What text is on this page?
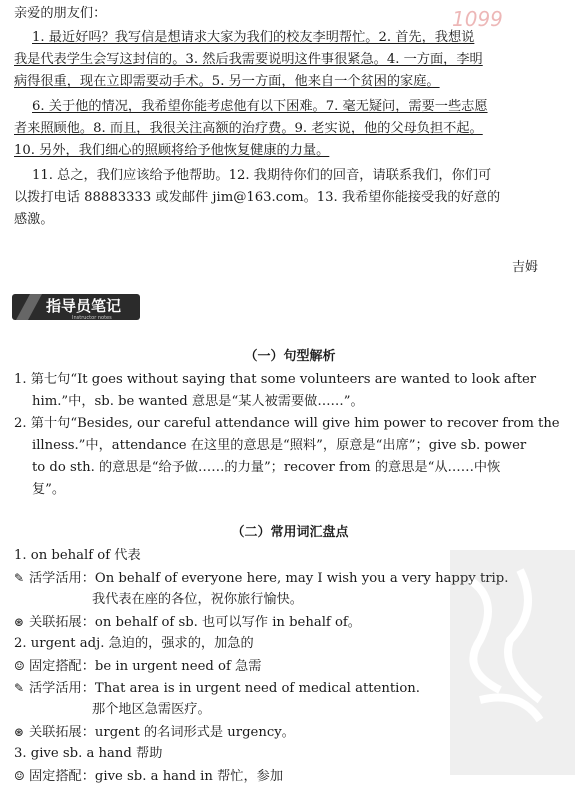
1099
亲爱的朋友们：
1. 最近好吗？我写信是想请求大家为我们的校友李明帮忙。2. 首先，我想说
我是代表学生会写这封信的。3. 然后我需要说明这件事很紧急。4. 一方面，李明
病得很重，现在立即需要动手术。5. 另一方面，他来自一个贫困的家庭。
6. 关于他的情况，我希望你能考虑他有以下困难。7. 毫无疑问，需要一些志愿
者来照顾他。8. 而且，我很关注高额的治疗费。9. 老实说，他的父母负担不起。
10. 另外，我们细心的照顾将给予他恢复健康的力量。
11. 总之，我们应该给予他帮助。12. 我期待你们的回音，请联系我们，你们可
以拨打电话 88883333 或发邮件 jim@163.com。13. 我希望你能接受我的好意的
感激。
吉姆
指导员笔记
Instructor notes
（一）句型解析
1. 第七句“It goes without saying that some volunteers are wanted to look after
him.”中，sb. be wanted 意思是“某人被需要做……”。
2. 第十句“Besides, our careful attendance will give him power to recover from the
illness.”中，attendance 在这里的意思是“照料”，原意是“出席”；give sb. power
to do sth. 的意思是“给予做……的力量”；recover from 的意思是“从……中恢
复”。
（二）常用词汇盘点
1. on behalf of 代表
✎ 活学活用：On behalf of everyone here, may I wish you a very happy trip.
我代表在座的各位，祝你旅行愉快。
⊛ 关联拓展：on behalf of sb. 也可以写作 in behalf of。
2. urgent adj. 急迫的，强求的，加急的
☺ 固定搭配：be in urgent need of 急需
✎ 活学活用：That area is in urgent need of medical attention.
那个地区急需医疗。
⊛ 关联拓展：urgent 的名词形式是 urgency。
3. give sb. a hand 帮助
☺ 固定搭配：give sb. a hand in 帮忙，参加
